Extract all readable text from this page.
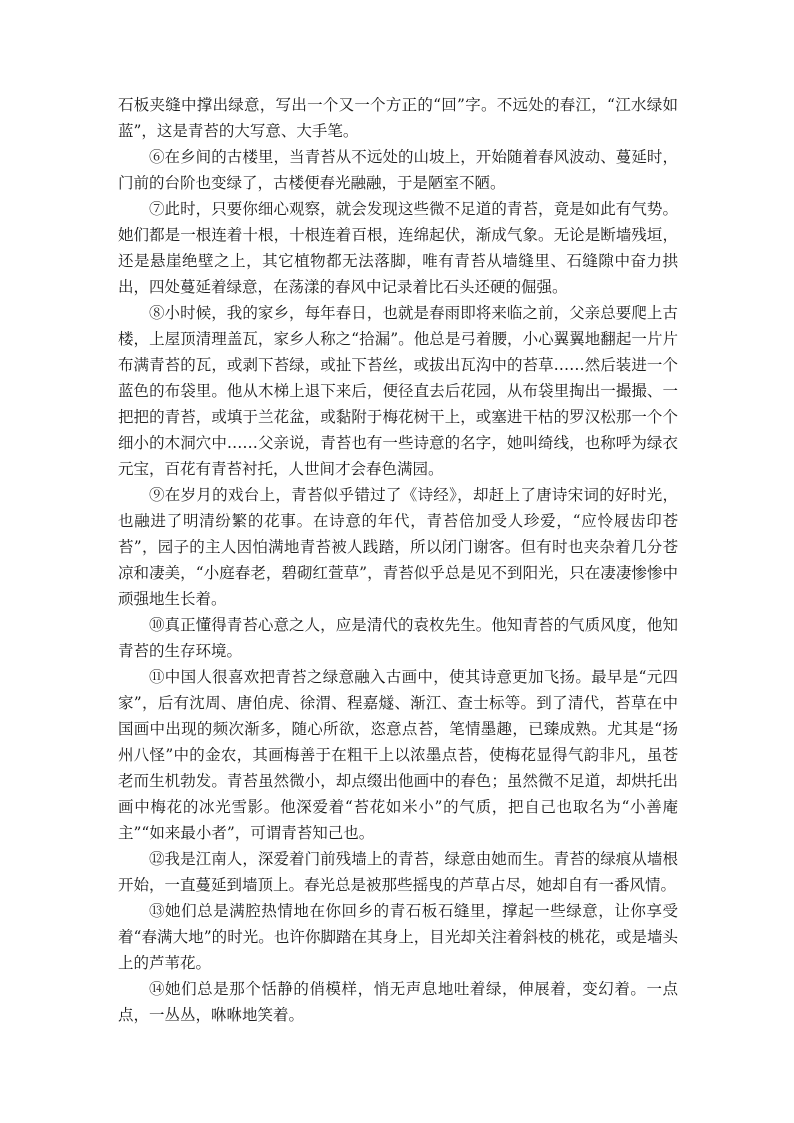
石板夹缝中撑出绿意，写出一个又一个方正的“回”字。不远处的春江，“江水绿如蓝”，这是青苔的大写意、大手笔。

⑥在乡间的古楼里，当青苔从不远处的山坡上，开始随着春风波动、蔓延时，门前的台阶也变绿了，古楼便春光融融，于是陋室不陋。

⑦此时，只要你细心观察，就会发现这些微不足道的青苔，竟是如此有气势。她们都是一根连着十根，十根连着百根，连绵起伏，渐成气象。无论是断墙残垣，还是悬崖绝壁之上，其它植物都无法落脚，唯有青苔从墙缝里、石缝隙中奋力拱出，四处蔓延着绿意，在荡漾的春风中记录着比石头还硬的倔强。

⑧小时候，我的家乡，每年春日，也就是春雨即将来临之前，父亲总要爬上古楼，上屋顶清理盖瓦，家乡人称之“拾漏”。他总是弓着腰，小心翼翼地翻起一片片布满青苔的瓦，或剥下苔绿，或扯下苔丝，或拔出瓦沟中的苔草……然后装进一个蓝色的布袋里。他从木梯上退下来后，便径直去后花园，从布袋里掏出一撮撮、一把把的青苔，或填于兰花盆，或黏附于梅花树干上，或塞进干枯的罗汉松那一个个细小的木洞穴中……父亲说，青苔也有一些诗意的名字，她叫绮线，也称呼为绿衣元宝，百花有青苔衬托，人世间才会春色满园。

⑨在岁月的戏台上，青苔似乎错过了《诗经》，却赶上了唐诗宋词的好时光，也融进了明清纷繁的花事。在诗意的年代，青苔倍加受人珍爱，“应怜屐齿印苍苔”，园子的主人因怕满地青苔被人践踏，所以闭门谢客。但有时也夹杂着几分苍凉和凄美，“小庭春老，碧砌红萱草”，青苔似乎总是见不到阳光，只在凄凄惨惨中顽强地生长着。

⑩真正懂得青苔心意之人，应是清代的袁枚先生。他知青苔的气质风度，他知青苔的生存环境。

⑪中国人很喜欢把青苔之绿意融入古画中，使其诗意更加飞扬。最早是“元四家”，后有沈周、唐伯虎、徐渭、程嘉燧、渐江、查士标等。到了清代，苔草在中国画中出现的频次渐多，随心所欲，恣意点苔，笔情墨趣，已臻成熟。尤其是“扬州八怪”中的金农，其画梅善于在粗干上以浓墨点苔，使梅花显得气韵非凡，虽苍老而生机勃发。青苔虽然微小，却点缀出他画中的春色；虽然微不足道，却烘托出画中梅花的冰光雪影。他深爱着“苔花如米小”的气质，把自己也取名为“小善庵主”“如来最小者”，可谓青苔知己也。

⑫我是江南人，深爱着门前残墙上的青苔，绿意由她而生。青苔的绿痕从墙根开始，一直蔓延到墙顶上。春光总是被那些摇曳的芦草占尽，她却自有一番风情。

⑬她们总是满腔热情地在你回乡的青石板石缝里，撑起一些绿意，让你享受着“春满大地”的时光。也许你脚踏在其身上，目光却关注着斜枝的桃花，或是墙头上的芦苇花。

⑭她们总是那个恬静的俏模样，悄无声息地吐着绿，伸展着，变幻着。一点点，一丛丛，咻咻地笑着。
